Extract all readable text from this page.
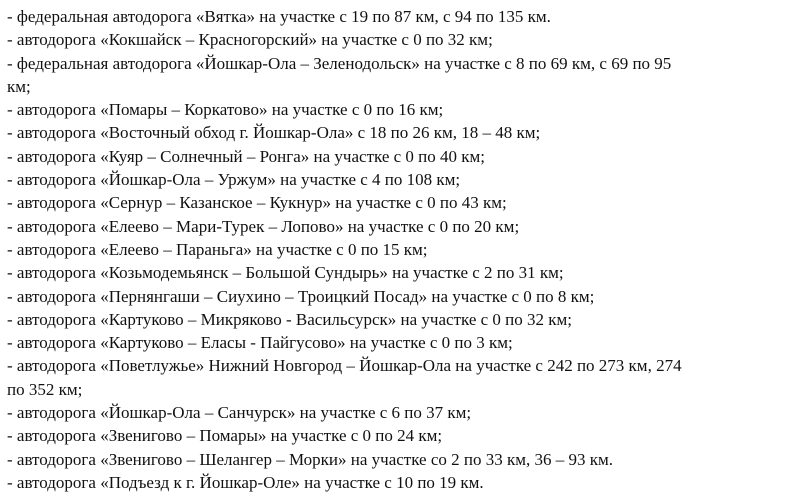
- федеральная автодорога «Вятка» на участке с 19 по 87 км, с 94 по 135 км.

- автодорога «Кокшайск – Красногорский» на участке с 0 по 32 км;

- федеральная автодорога «Йошкар-Ола – Зеленодольск» на участке с 8 по 69 км, с 69 по 95

км;

- автодорога «Помары – Коркатово» на участке с 0 по 16 км;

- автодорога «Восточный обход г. Йошкар-Ола» с 18 по 26 км, 18 – 48 км;

- автодорога «Куяр – Солнечный – Ронга» на участке с 0 по 40 км;

- автодорога «Йошкар-Ола – Уржум» на участке с 4 по 108 км;

- автодорога «Сернур – Казанское – Кукнур» на участке с 0 по 43 км;

- автодорога «Елеево – Мари-Турек – Лопово» на участке с 0 по 20 км;

- автодорога «Елеево – Параньга» на участке с 0 по 15 км;

- автодорога «Козьмодемьянск – Большой Сундырь» на участке с 2 по 31 км;

- автодорога «Пернянгаши – Сиухино – Троицкий Посад» на участке с 0 по 8 км;

- автодорога «Картуково – Микряково - Васильсурск» на участке с 0 по 32 км;

- автодорога «Картуково – Еласы - Пайгусово» на участке с 0 по 3 км;

- автодорога «Поветлужье» Нижний Новгород – Йошкар-Ола на участке с 242 по 273 км, 274

по 352 км;

- автодорога «Йошкар-Ола – Санчурск» на участке с 6 по 37 км;

- автодорога «Звенигово – Помары» на участке с 0 по 24 км;

- автодорога «Звенигово – Шелангер – Морки» на участке со 2 по 33 км, 36 – 93 км.

- автодорога «Подъезд к г. Йошкар-Оле» на участке с 10 по 19 км.
